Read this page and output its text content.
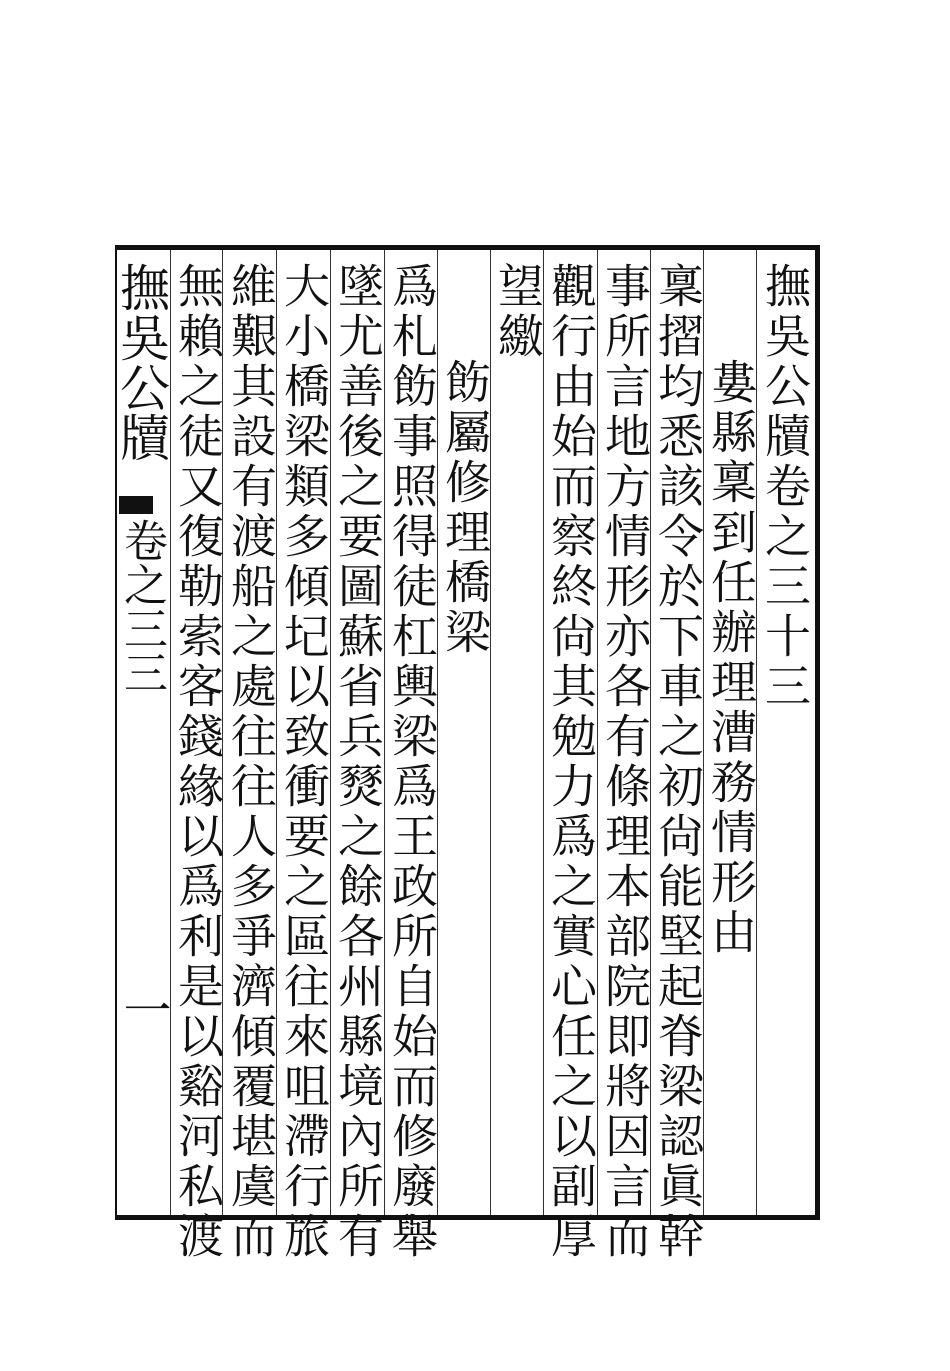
撫吳公牘卷之三十三
婁縣稟到任辦理漕務情形由
稟摺均悉該令於下車之初尙能堅起脊梁認眞幹
事所言地方情形亦各有條理本部院即將因言而
觀行由始而察終尙其勉力爲之實心任之以副厚
望繳
飭屬修理橋梁
爲札飭事照得徒杠輿梁爲王政所自始而修廢舉
墜尤善後之要圖蘇省兵燹之餘各州縣境內所有
大小橋梁類多傾圮以致衝要之區往來咀滯行旅
維艱其設有渡船之處往往人多爭濟傾覆堪虞而
無賴之徒又復勒索客錢緣以爲利是以谿河私渡
撫吳公牘
卷之三三
一
